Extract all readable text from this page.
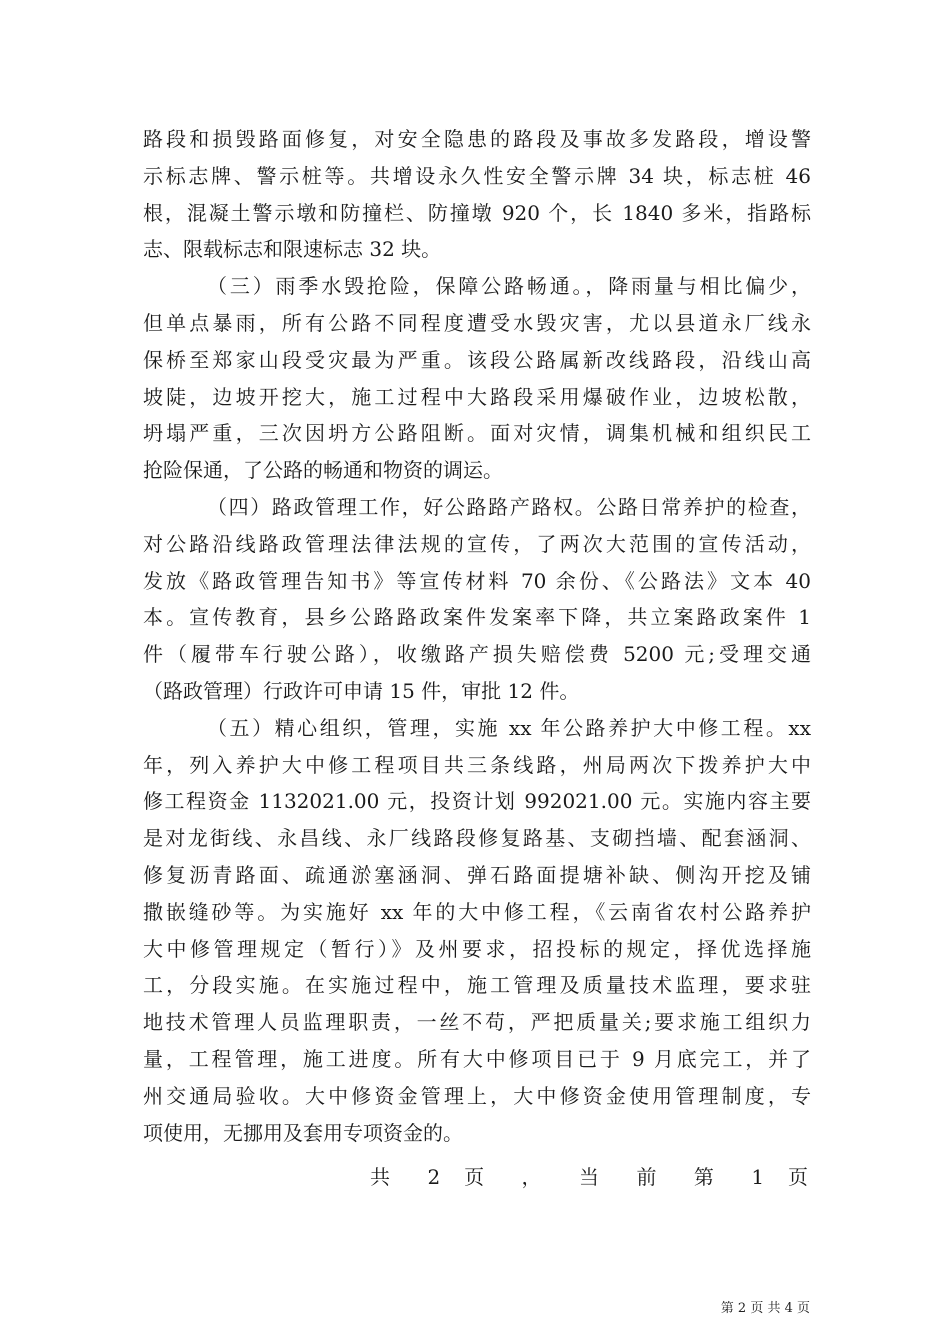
路段和损毁路面修复，对安全隐患的路段及事故多发路段，增设警
示标志牌、警示桩等。共增设永久性安全警示牌 34 块，标志桩 46
根，混凝土警示墩和防撞栏、防撞墩 920 个，长 1840 多米，指路标
志、限载标志和限速标志 32 块。
（三）雨季水毁抢险，保障公路畅通。，降雨量与相比偏少，
但单点暴雨，所有公路不同程度遭受水毁灾害，尤以县道永厂线永
保桥至郑家山段受灾最为严重。该段公路属新改线路段，沿线山高
坡陡，边坡开挖大，施工过程中大路段采用爆破作业，边坡松散，
坍塌严重，三次因坍方公路阻断。面对灾情，调集机械和组织民工
抢险保通，了公路的畅通和物资的调运。
（四）路政管理工作，好公路路产路权。公路日常养护的检查，
对公路沿线路政管理法律法规的宣传，了两次大范围的宣传活动，
发放《路政管理告知书》等宣传材料 70 余份、《公路法》文本 40
本。宣传教育，县乡公路路政案件发案率下降，共立案路政案件 1
件（履带车行驶公路），收缴路产损失赔偿费 5200 元;受理交通
（路政管理）行政许可申请 15 件，审批 12 件。
（五）精心组织，管理，实施 xx 年公路养护大中修工程。xx
年，列入养护大中修工程项目共三条线路，州局两次下拨养护大中
修工程资金 1132021.00 元，投资计划 992021.00 元。实施内容主要
是对龙街线、永昌线、永厂线路段修复路基、支砌挡墙、配套涵洞、
修复沥青路面、疏通淤塞涵洞、弹石路面提塘补缺、侧沟开挖及铺
撒嵌缝砂等。为实施好 xx 年的大中修工程，《云南省农村公路养护
大中修管理规定（暂行）》及州要求，招投标的规定，择优选择施
工，分段实施。在实施过程中，施工管理及质量技术监理，要求驻
地技术管理人员监理职责，一丝不苟，严把质量关;要求施工组织力
量，工程管理，施工进度。所有大中修项目已于 9 月底完工，并了
州交通局验收。大中修资金管理上，大中修资金使用管理制度，专
项使用，无挪用及套用专项资金的。
共 2 页 ， 当 前 第 1 页
第 2 页 共 4 页
